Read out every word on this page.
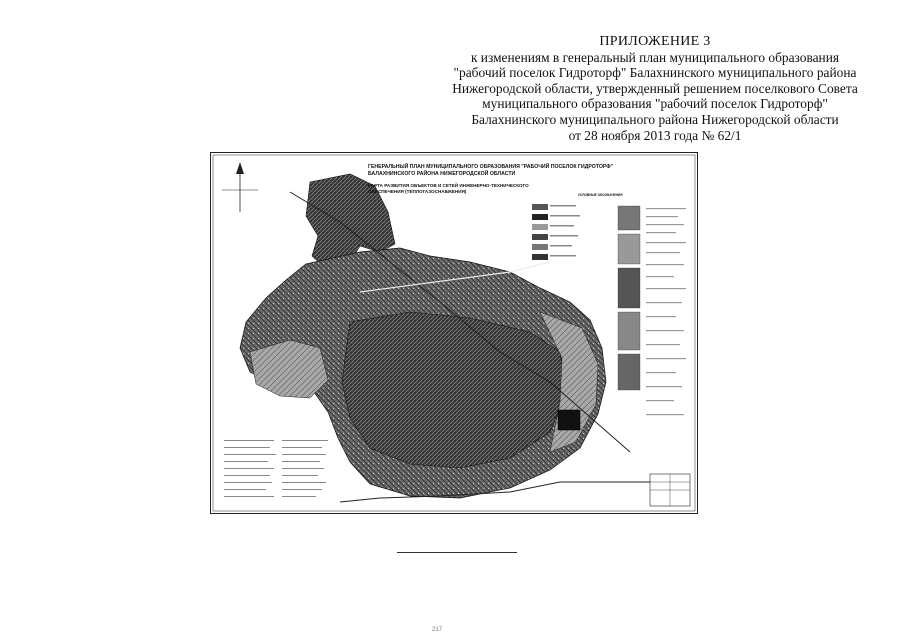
ПРИЛОЖЕНИЕ 3
к изменениям в генеральный план муниципального образования
"рабочий поселок Гидроторф" Балахнинского муниципального района
Нижегородской области, утвержденный решением поселкового Совета
муниципального образования "рабочий поселок Гидроторф"
Балахнинского муниципального района Нижегородской области
от 28 ноября 2013 года № 62/1
ГЕНЕРАЛЬНЫЙ ПЛАН МУНИЦИПАЛЬНОГО ОБРАЗОВАНИЯ "РАБОЧИЙ ПОСЕЛОК ГИДРОТОРФ"
БАЛАХНИНСКОГО РАЙОНА НИЖЕГОРОДСКОЙ ОБЛАСТИ
КАРТА РАЗВИТИЯ ОБЪЕКТОВ И СЕТЕЙ ИНЖЕНЕРНО-ТЕХНИЧЕСКОГО
ОБЕСПЕЧЕНИЯ (ТЕПЛОГАЗОСНАБЖЕНИЯ)
УСЛОВНЫЕ ОБОЗНАЧЕНИЯ
217
